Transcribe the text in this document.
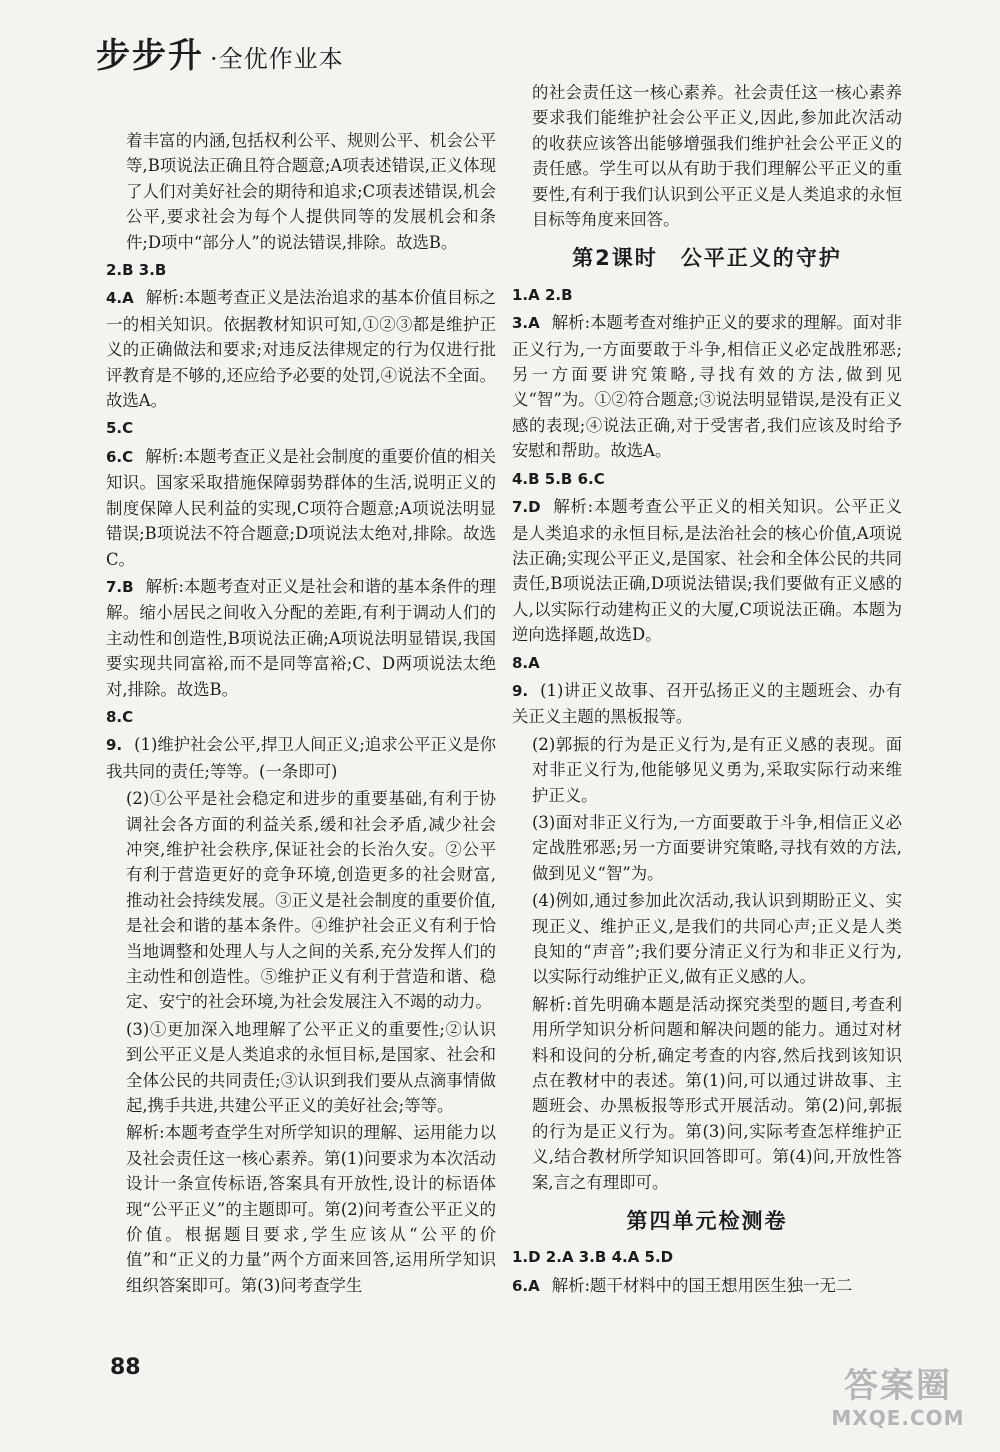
步步升 ·全优作业本
着丰富的内涵,包括权利公平、规则公平、机会公平等,B项说法正确且符合题意;A项表述错误,正义体现了人们对美好社会的期待和追求;C项表述错误,机会公平,要求社会为每个人提供同等的发展机会和条件;D项中“部分人”的说法错误,排除。故选B。
2.B 3.B
4.A 解析:本题考查正义是法治追求的基本价值目标之一的相关知识。依据教材知识可知,①②③都是维护正义的正确做法和要求;对违反法律规定的行为仅进行批评教育是不够的,还应给予必要的处罚,④说法不全面。故选A。
5.C
6.C 解析:本题考查正义是社会制度的重要价值的相关知识。国家采取措施保障弱势群体的生活,说明正义的制度保障人民利益的实现,C项符合题意;A项说法明显错误;B项说法不符合题意;D项说法太绝对,排除。故选C。
7.B 解析:本题考查对正义是社会和谐的基本条件的理解。缩小居民之间收入分配的差距,有利于调动人们的主动性和创造性,B项说法正确;A项说法明显错误,我国要实现共同富裕,而不是同等富裕;C、D两项说法太绝对,排除。故选B。
8.C
9. (1)维护社会公平,捍卫人间正义;追求公平正义是你我共同的责任;等等。(一条即可)
(2)①公平是社会稳定和进步的重要基础,有利于协调社会各方面的利益关系,缓和社会矛盾,减少社会冲突,维护社会秩序,保证社会的长治久安。②公平有利于营造更好的竞争环境,创造更多的社会财富,推动社会持续发展。③正义是社会制度的重要价值,是社会和谐的基本条件。④维护社会正义有利于恰当地调整和处理人与人之间的关系,充分发挥人们的主动性和创造性。⑤维护正义有利于营造和谐、稳定、安宁的社会环境,为社会发展注入不竭的动力。
(3)①更加深入地理解了公平正义的重要性;②认识到公平正义是人类追求的永恒目标,是国家、社会和全体公民的共同责任;③认识到我们要从点滴事情做起,携手共进,共建公平正义的美好社会;等等。
解析:本题考查学生对所学知识的理解、运用能力以及社会责任这一核心素养。第(1)问要求为本次活动设计一条宣传标语,答案具有开放性,设计的标语体现“公平正义”的主题即可。第(2)问考查公平正义的价值。根据题目要求,学生应该从“公平的价值”和“正义的力量”两个方面来回答,运用所学知识组织答案即可。第(3)问考查学生
的社会责任这一核心素养。社会责任这一核心素养要求我们能维护社会公平正义,因此,参加此次活动的收获应该答出能够增强我们维护社会公平正义的责任感。学生可以从有助于我们理解公平正义的重要性,有利于我们认识到公平正义是人类追求的永恒目标等角度来回答。
第2课时　公平正义的守护
1.A 2.B
3.A 解析:本题考查对维护正义的要求的理解。面对非正义行为,一方面要敢于斗争,相信正义必定战胜邪恶;另一方面要讲究策略,寻找有效的方法,做到见义“智”为。①②符合题意;③说法明显错误,是没有正义感的表现;④说法正确,对于受害者,我们应该及时给予安慰和帮助。故选A。
4.B 5.B 6.C
7.D 解析:本题考查公平正义的相关知识。公平正义是人类追求的永恒目标,是法治社会的核心价值,A项说法正确;实现公平正义,是国家、社会和全体公民的共同责任,B项说法正确,D项说法错误;我们要做有正义感的人,以实际行动建构正义的大厦,C项说法正确。本题为逆向选择题,故选D。
8.A
9. (1)讲正义故事、召开弘扬正义的主题班会、办有关正义主题的黑板报等。
(2)郭振的行为是正义行为,是有正义感的表现。面对非正义行为,他能够见义勇为,采取实际行动来维护正义。
(3)面对非正义行为,一方面要敢于斗争,相信正义必定战胜邪恶;另一方面要讲究策略,寻找有效的方法,做到见义“智”为。
(4)例如,通过参加此次活动,我认识到期盼正义、实现正义、维护正义,是我们的共同心声;正义是人类良知的“声音”;我们要分清正义行为和非正义行为,以实际行动维护正义,做有正义感的人。
解析:首先明确本题是活动探究类型的题目,考查利用所学知识分析问题和解决问题的能力。通过对材料和设问的分析,确定考查的内容,然后找到该知识点在教材中的表述。第(1)问,可以通过讲故事、主题班会、办黑板报等形式开展活动。第(2)问,郭振的行为是正义行为。第(3)问,实际考查怎样维护正义,结合教材所学知识回答即可。第(4)问,开放性答案,言之有理即可。
第四单元检测卷
1.D 2.A 3.B 4.A 5.D
6.A 解析:题干材料中的国王想用医生独一无二
88	答案圈
MXQE.COM
